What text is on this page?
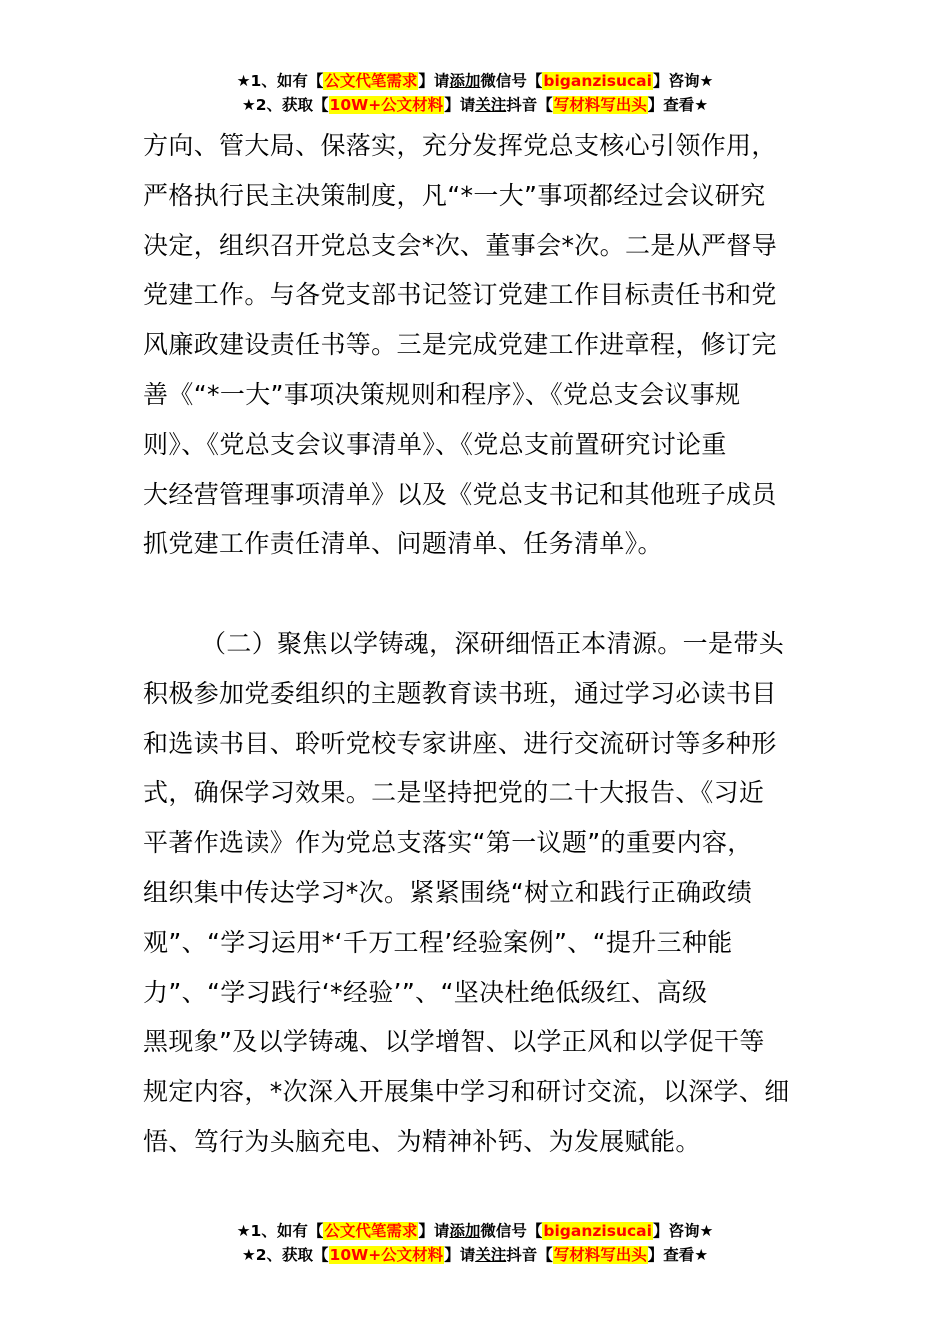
★1、如有【公文代笔需求】请添加微信号【biganzisucai】咨询★
★2、获取【10W+公文材料】请关注抖音【写材料写出头】查看★
方向、管大局、保落实，充分发挥党总支核心引领作用，
严格执行民主决策制度，凡“*一大”事项都经过会议研究
决定，组织召开党总支会*次、董事会*次。二是从严督导
党建工作。与各党支部书记签订党建工作目标责任书和党
风廉政建设责任书等。三是完成党建工作进章程，修订完
善《“*一大”事项决策规则和程序》、《党总支会议事规
则》、《党总支会议事清单》、《党总支前置研究讨论重
大经营管理事项清单》以及《党总支书记和其他班子成员
抓党建工作责任清单、问题清单、任务清单》。
（二）聚焦以学铸魂，深研细悟正本清源。一是带头
积极参加党委组织的主题教育读书班，通过学习必读书目
和选读书目、聆听党校专家讲座、进行交流研讨等多种形
式，确保学习效果。二是坚持把党的二十大报告、《习近
平著作选读》作为党总支落实“第一议题”的重要内容，
组织集中传达学习*次。紧紧围绕“树立和践行正确政绩
观”、“学习运用*‘千万工程’经验案例”、“提升三种能
力”、“学习践行‘*经验’”、“坚决杜绝低级红、高级
黑现象”及以学铸魂、以学增智、以学正风和以学促干等
规定内容，*次深入开展集中学习和研讨交流，以深学、细
悟、笃行为头脑充电、为精神补钙、为发展赋能。
★1、如有【公文代笔需求】请添加微信号【biganzisucai】咨询★
★2、获取【10W+公文材料】请关注抖音【写材料写出头】查看★
